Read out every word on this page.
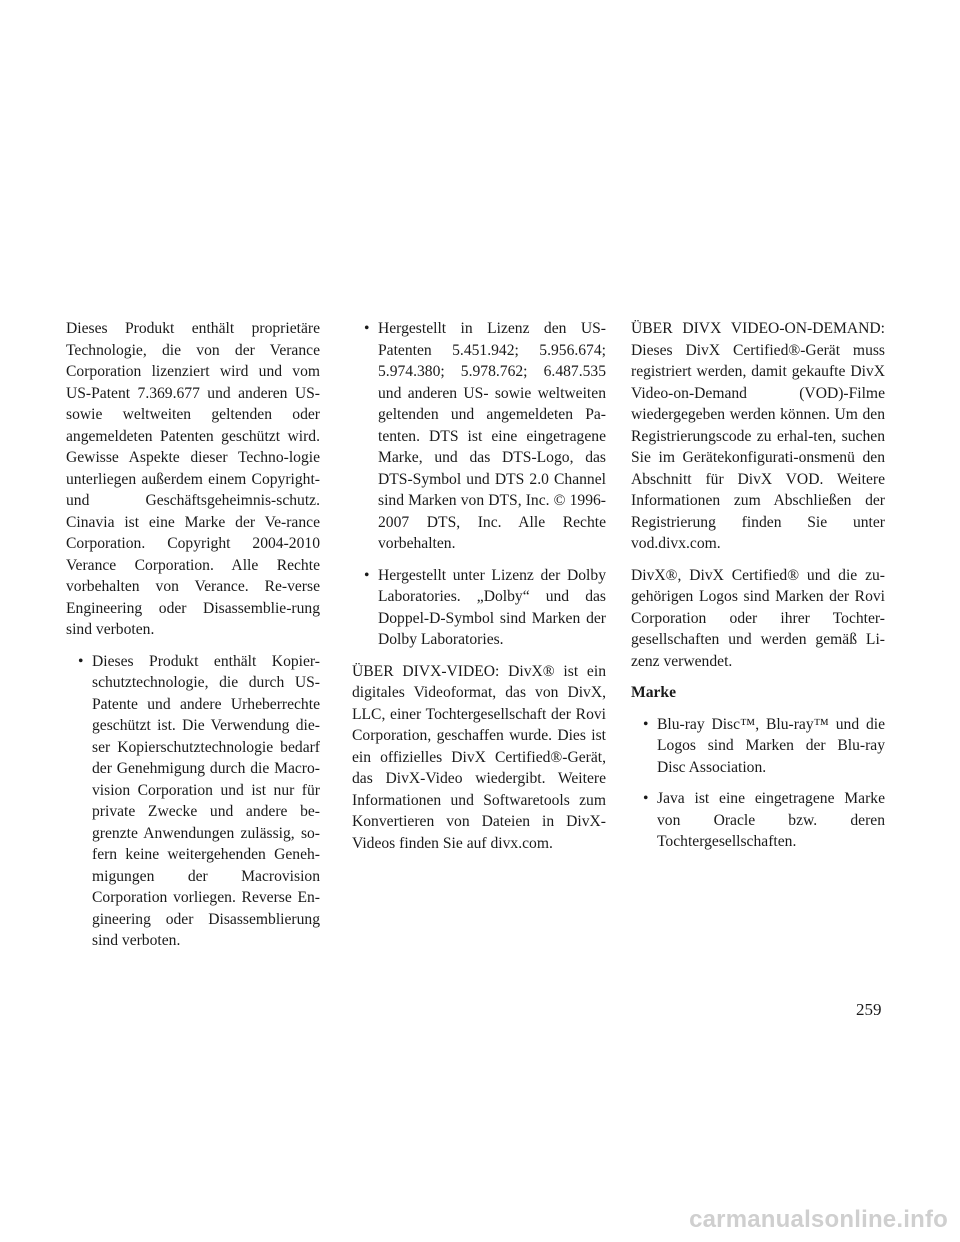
Dieses Produkt enthält proprietäre Technologie, die von der Verance Corporation lizenziert wird und vom US-Patent 7.369.677 und anderen US- sowie weltweiten geltenden oder angemeldeten Patenten geschützt wird. Gewisse Aspekte dieser Techno-logie unterliegen außerdem einem Copyright- und Geschäftsgeheimnis-schutz. Cinavia ist eine Marke der Ve-rance Corporation. Copyright 2004-2010 Verance Corporation. Alle Rechte vorbehalten von Verance. Re-verse Engineering oder Disassemblie-rung sind verboten.

• Dieses Produkt enthält Kopier-schutztechnologie, die durch US-Patente und andere Urheberrechte geschützt ist. Die Verwendung die-ser Kopierschutztechnologie bedarf der Genehmigung durch die Macro-vision Corporation und ist nur für private Zwecke und andere be-grenzte Anwendungen zulässig, so-fern keine weitergehenden Geneh-migungen der Macrovision Corporation vorliegen. Reverse En-gineering oder Disassemblierung sind verboten.

• Hergestellt in Lizenz den US-Patenten 5.451.942; 5.956.674; 5.974.380; 5.978.762; 6.487.535 und anderen US- sowie weltweiten geltenden und angemeldeten Pa-tenten. DTS ist eine eingetragene Marke, und das DTS-Logo, das DTS-Symbol und DTS 2.0 Channel sind Marken von DTS, Inc. © 1996-2007 DTS, Inc. Alle Rechte vorbehalten.

• Hergestellt unter Lizenz der Dolby Laboratories. „Dolby“ und das Doppel-D-Symbol sind Marken der Dolby Laboratories.

ÜBER DIVX-VIDEO: DivX® ist ein digitales Videoformat, das von DivX, LLC, einer Tochtergesellschaft der Rovi Corporation, geschaffen wurde. Dies ist ein offizielles DivX Certified®-Gerät, das DivX-Video wiedergibt. Weitere Informationen und Softwaretools zum Konvertieren von Dateien in DivX-Videos finden Sie auf divx.com.

ÜBER DIVX VIDEO-ON-DEMAND: Dieses DivX Certified®-Gerät muss registriert werden, damit gekaufte DivX Video-on-Demand (VOD)-Filme wiedergegeben werden können. Um den Registrierungscode zu erhal-ten, suchen Sie im Gerätekonfigurati-onsmenü den Abschnitt für DivX VOD. Weitere Informationen zum Abschließen der Registrierung finden Sie unter vod.divx.com.

DivX®, DivX Certified® und die zu-gehörigen Logos sind Marken der Rovi Corporation oder ihrer Tochter-gesellschaften und werden gemäß Li-zenz verwendet.

Marke

• Blu-ray Disc™, Blu-ray™ und die Logos sind Marken der Blu-ray Disc Association.

• Java ist eine eingetragene Marke von Oracle bzw. deren Tochtergesellschaften.

259
carmanualsonline.info
